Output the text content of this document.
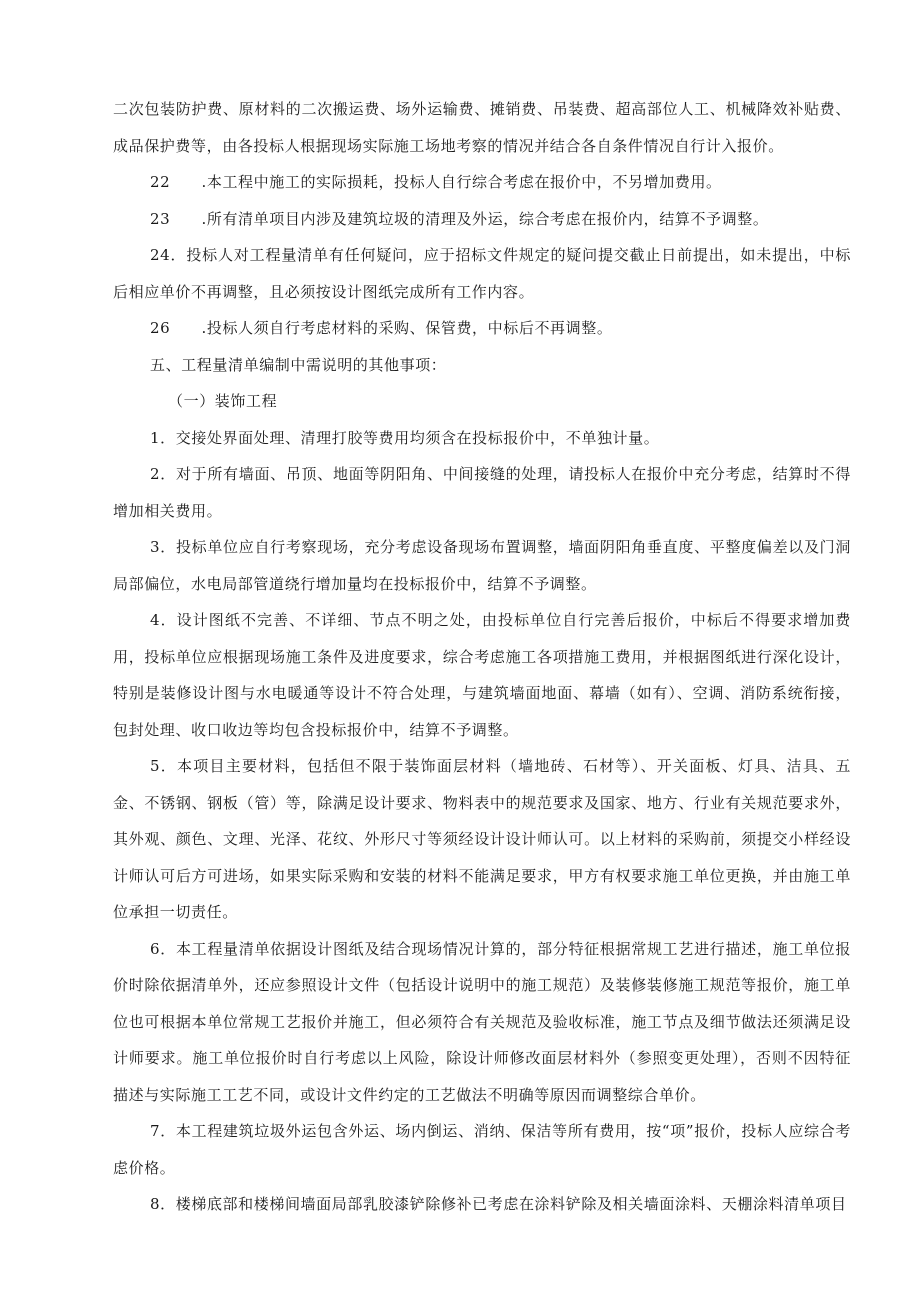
二次包装防护费、原材料的二次搬运费、场外运输费、摊销费、吊装费、超高部位人工、机械降效补贴费、成品保护费等，由各投标人根据现场实际施工场地考察的情况并结合各自条件情况自行计入报价。

22　　.本工程中施工的实际损耗，投标人自行综合考虑在报价中，不另增加费用。

23　　.所有清单项目内涉及建筑垃圾的清理及外运，综合考虑在报价内，结算不予调整。

24．投标人对工程量清单有任何疑问，应于招标文件规定的疑问提交截止日前提出，如未提出，中标后相应单价不再调整，且必须按设计图纸完成所有工作内容。

26　　.投标人须自行考虑材料的采购、保管费，中标后不再调整。

五、工程量清单编制中需说明的其他事项：

（一）装饰工程

1．交接处界面处理、清理打胶等费用均须含在投标报价中，不单独计量。

2．对于所有墙面、吊顶、地面等阴阳角、中间接缝的处理，请投标人在报价中充分考虑，结算时不得增加相关费用。

3．投标单位应自行考察现场，充分考虑设备现场布置调整，墙面阴阳角垂直度、平整度偏差以及门洞局部偏位，水电局部管道绕行增加量均在投标报价中，结算不予调整。

4．设计图纸不完善、不详细、节点不明之处，由投标单位自行完善后报价，中标后不得要求增加费用，投标单位应根据现场施工条件及进度要求，综合考虑施工各项措施工费用，并根据图纸进行深化设计，特别是装修设计图与水电暖通等设计不符合处理，与建筑墙面地面、幕墙（如有）、空调、消防系统衔接，包封处理、收口收边等均包含投标报价中，结算不予调整。

5．本项目主要材料，包括但不限于装饰面层材料（墙地砖、石材等）、开关面板、灯具、洁具、五金、不锈钢、钢板（管）等，除满足设计要求、物料表中的规范要求及国家、地方、行业有关规范要求外，其外观、颜色、文理、光泽、花纹、外形尺寸等须经设计设计师认可。以上材料的采购前，须提交小样经设计师认可后方可进场，如果实际采购和安装的材料不能满足要求，甲方有权要求施工单位更换，并由施工单位承担一切责任。

6．本工程量清单依据设计图纸及结合现场情况计算的，部分特征根据常规工艺进行描述，施工单位报价时除依据清单外，还应参照设计文件（包括设计说明中的施工规范）及装修装修施工规范等报价，施工单位也可根据本单位常规工艺报价并施工，但必须符合有关规范及验收标准，施工节点及细节做法还须满足设计师要求。施工单位报价时自行考虑以上风险，除设计师修改面层材料外（参照变更处理），否则不因特征描述与实际施工工艺不同，或设计文件约定的工艺做法不明确等原因而调整综合单价。

7．本工程建筑垃圾外运包含外运、场内倒运、消纳、保洁等所有费用，按“项”报价，投标人应综合考虑价格。

8．楼梯底部和楼梯间墙面局部乳胶漆铲除修补已考虑在涂料铲除及相关墙面涂料、天棚涂料清单项目
